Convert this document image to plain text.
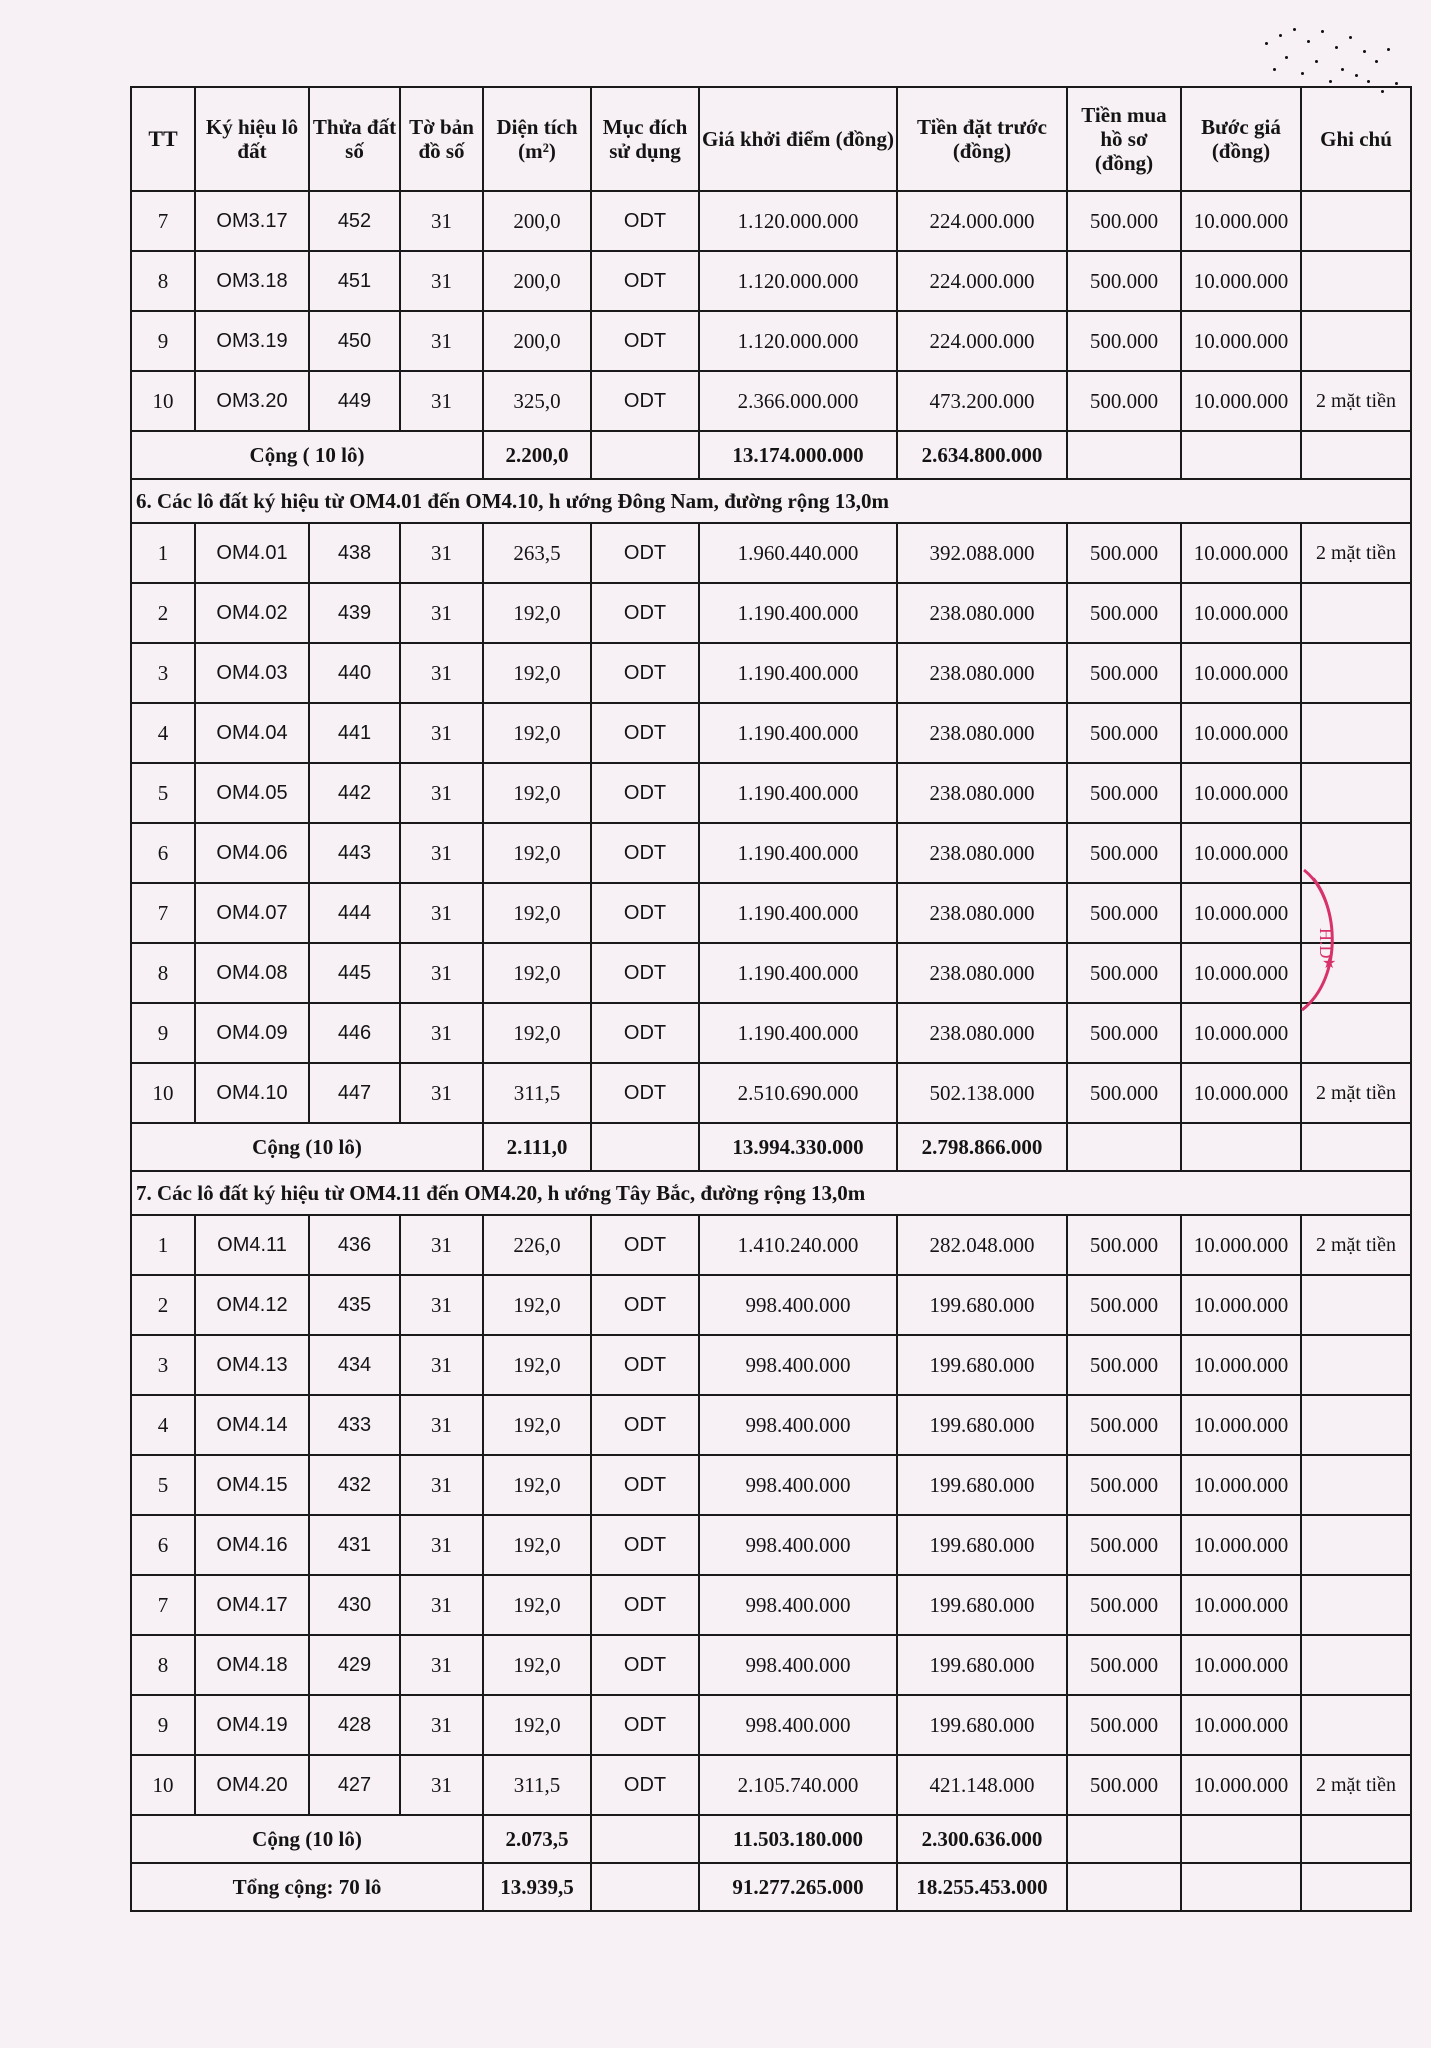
TT	Ký hiệu lô đất	Thửa đất số	Tờ bản đồ số	Diện tích (m²)	Mục đích sử dụng	Giá khởi điểm (đồng)	Tiền đặt trước (đồng)	Tiền mua hồ sơ (đồng)	Bước giá (đồng)	Ghi chú
7	OM3.17	452	31	200,0	ODT	1.120.000.000	224.000.000	500.000	10.000.000	
8	OM3.18	451	31	200,0	ODT	1.120.000.000	224.000.000	500.000	10.000.000	
9	OM3.19	450	31	200,0	ODT	1.120.000.000	224.000.000	500.000	10.000.000	
10	OM3.20	449	31	325,0	ODT	2.366.000.000	473.200.000	500.000	10.000.000	2 mặt tiền
Cộng ( 10 lô)				2.200,0		13.174.000.000	2.634.800.000			
6. Các lô đất ký hiệu từ OM4.01 đến OM4.10, h ướng Đông Nam, đường rộng 13,0m										
1	OM4.01	438	31	263,5	ODT	1.960.440.000	392.088.000	500.000	10.000.000	2 mặt tiền
2	OM4.02	439	31	192,0	ODT	1.190.400.000	238.080.000	500.000	10.000.000	
3	OM4.03	440	31	192,0	ODT	1.190.400.000	238.080.000	500.000	10.000.000	
4	OM4.04	441	31	192,0	ODT	1.190.400.000	238.080.000	500.000	10.000.000	
5	OM4.05	442	31	192,0	ODT	1.190.400.000	238.080.000	500.000	10.000.000	
6	OM4.06	443	31	192,0	ODT	1.190.400.000	238.080.000	500.000	10.000.000	
7	OM4.07	444	31	192,0	ODT	1.190.400.000	238.080.000	500.000	10.000.000	
8	OM4.08	445	31	192,0	ODT	1.190.400.000	238.080.000	500.000	10.000.000	
9	OM4.09	446	31	192,0	ODT	1.190.400.000	238.080.000	500.000	10.000.000	
10	OM4.10	447	31	311,5	ODT	2.510.690.000	502.138.000	500.000	10.000.000	2 mặt tiền
Cộng (10 lô)				2.111,0		13.994.330.000	2.798.866.000			
7. Các lô đất ký hiệu từ OM4.11 đến OM4.20, h ướng Tây Bắc, đường rộng 13,0m										
1	OM4.11	436	31	226,0	ODT	1.410.240.000	282.048.000	500.000	10.000.000	2 mặt tiền
2	OM4.12	435	31	192,0	ODT	998.400.000	199.680.000	500.000	10.000.000	
3	OM4.13	434	31	192,0	ODT	998.400.000	199.680.000	500.000	10.000.000	
4	OM4.14	433	31	192,0	ODT	998.400.000	199.680.000	500.000	10.000.000	
5	OM4.15	432	31	192,0	ODT	998.400.000	199.680.000	500.000	10.000.000	
6	OM4.16	431	31	192,0	ODT	998.400.000	199.680.000	500.000	10.000.000	
7	OM4.17	430	31	192,0	ODT	998.400.000	199.680.000	500.000	10.000.000	
8	OM4.18	429	31	192,0	ODT	998.400.000	199.680.000	500.000	10.000.000	
9	OM4.19	428	31	192,0	ODT	998.400.000	199.680.000	500.000	10.000.000	
10	OM4.20	427	31	311,5	ODT	2.105.740.000	421.148.000	500.000	10.000.000	2 mặt tiền
Cộng (10 lô)				2.073,5		11.503.180.000	2.300.636.000			
Tổng cộng: 70 lô				13.939,5		91.277.265.000	18.255.453.000			
H.D
★
